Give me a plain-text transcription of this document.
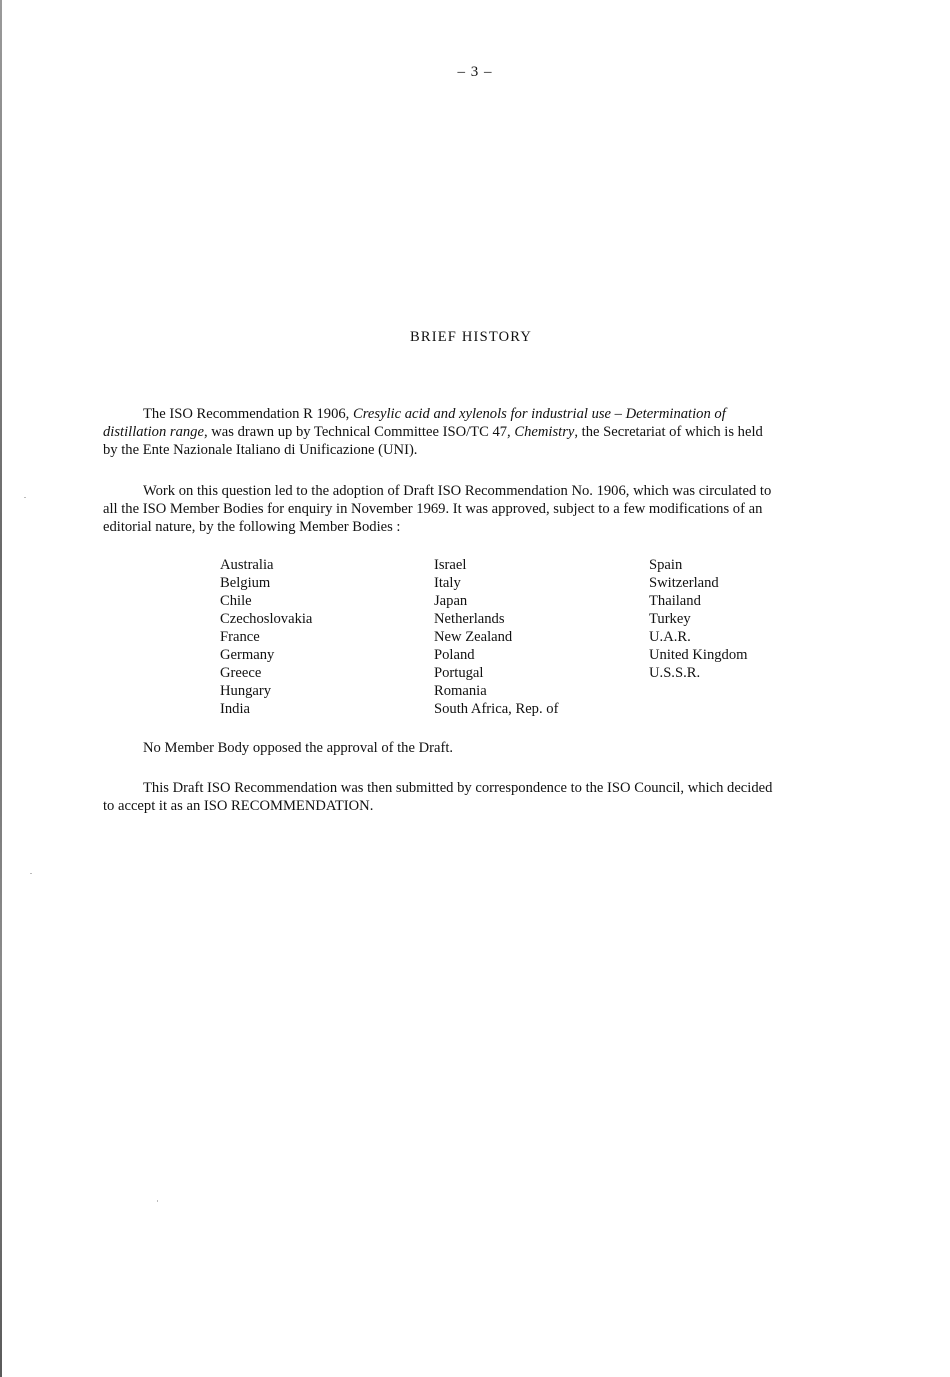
– 3 –
BRIEF HISTORY

The ISO Recommendation R 1906, Cresylic acid and xylenols for industrial use – Determination of
distillation range, was drawn up by Technical Committee ISO/TC 47, Chemistry, the Secretariat of which is held
by the Ente Nazionale Italiano di Unificazione (UNI).

Work on this question led to the adoption of Draft ISO Recommendation No. 1906, which was circulated to
all the ISO Member Bodies for enquiry in November 1969. It was approved, subject to a few modifications of an
editorial nature, by the following Member Bodies :

Australia
Belgium
Chile
Czechoslovakia
France
Germany
Greece
Hungary
India
Israel
Italy
Japan
Netherlands
New Zealand
Poland
Portugal
Romania
South Africa, Rep. of
Spain
Switzerland
Thailand
Turkey
U.A.R.
United Kingdom
U.S.S.R.

No Member Body opposed the approval of the Draft.

This Draft ISO Recommendation was then submitted by correspondence to the ISO Council, which decided
to accept it as an ISO RECOMMENDATION.
